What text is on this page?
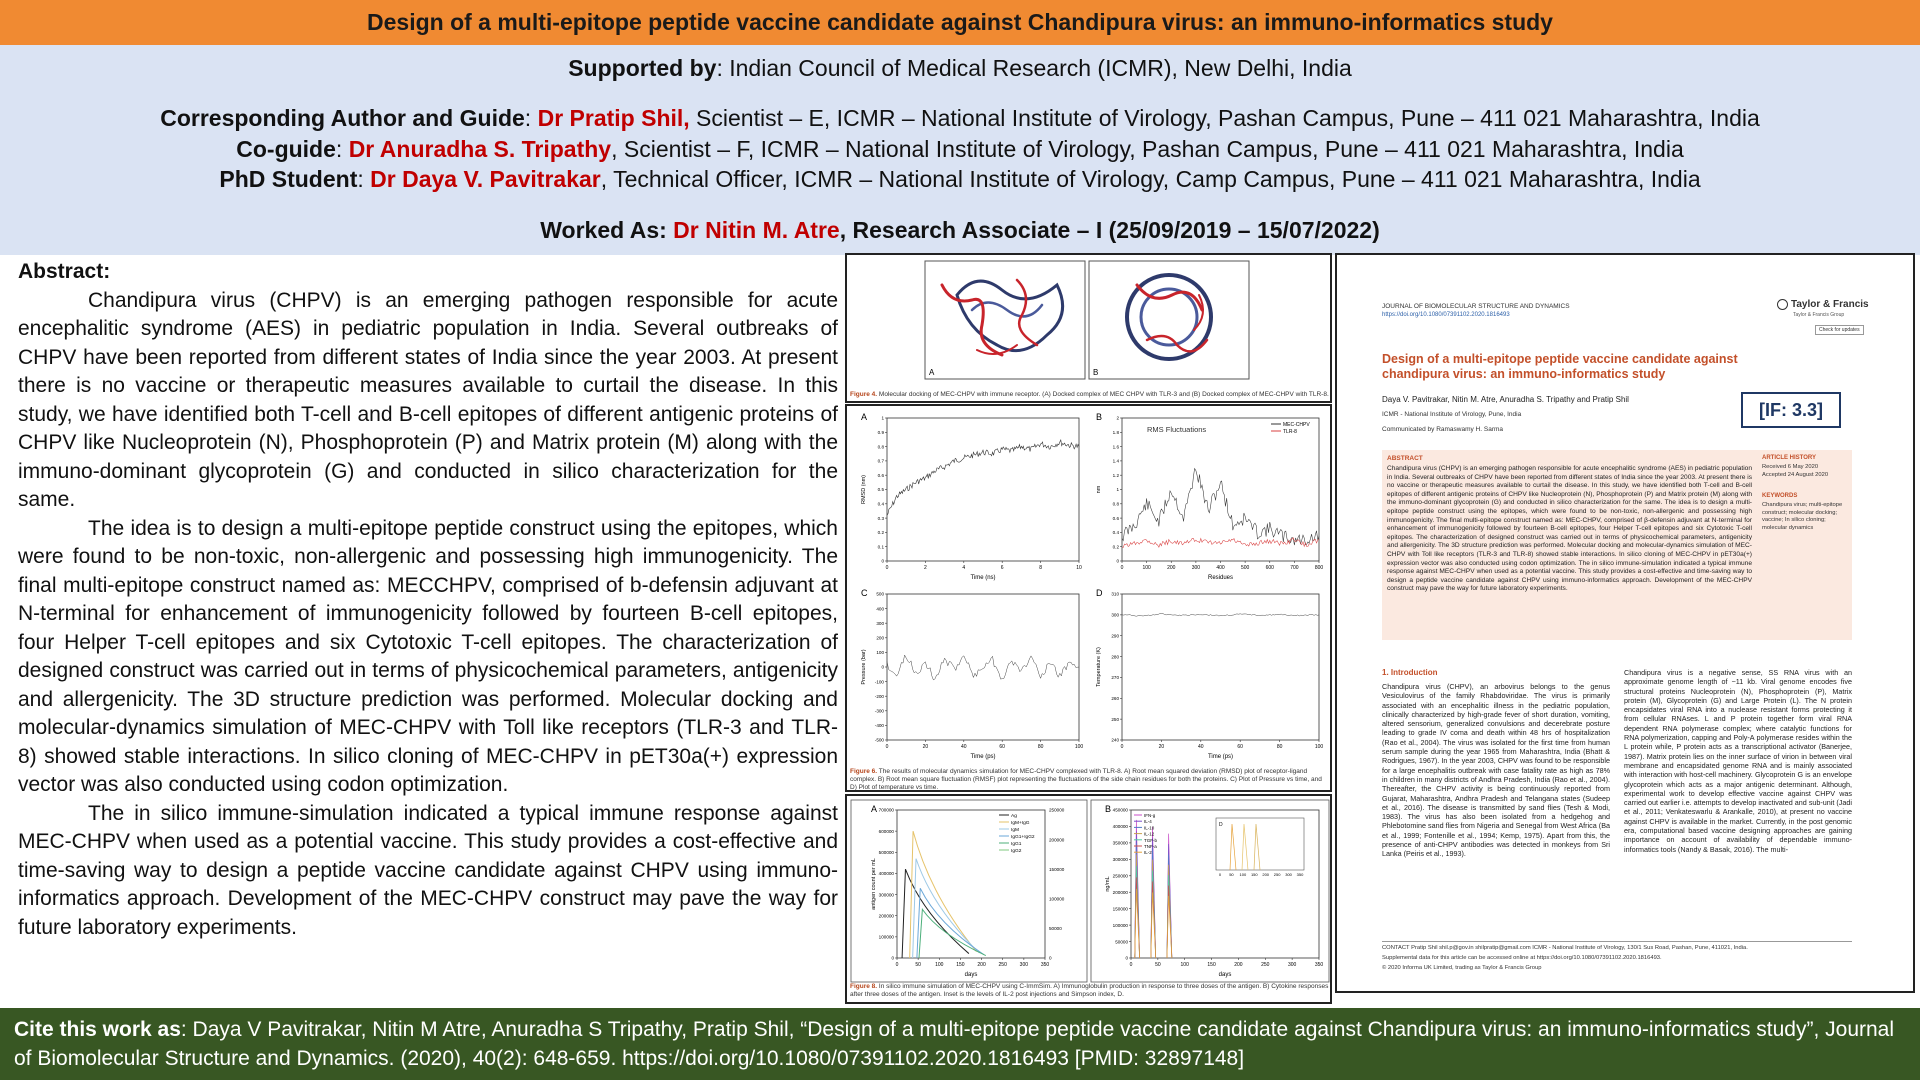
Design of a multi-epitope peptide vaccine candidate against Chandipura virus: an immuno-informatics study
Supported by: Indian Council of Medical Research (ICMR), New Delhi, India
Corresponding Author and Guide: Dr Pratip Shil, Scientist – E, ICMR – National Institute of Virology, Pashan Campus, Pune – 411 021 Maharashtra, India
Co-guide: Dr Anuradha S. Tripathy, Scientist – F, ICMR – National Institute of Virology, Pashan Campus, Pune – 411 021 Maharashtra, India
PhD Student: Dr Daya V. Pavitrakar, Technical Officer, ICMR – National Institute of Virology, Camp Campus, Pune – 411 021 Maharashtra, India
Worked As: Dr Nitin M. Atre, Research Associate – I (25/09/2019 – 15/07/2022)
Abstract:

Chandipura virus (CHPV) is an emerging pathogen responsible for acute encephalitic syndrome (AES) in pediatric population in India. Several outbreaks of CHPV have been reported from different states of India since the year 2003. At present there is no vaccine or therapeutic measures available to curtail the disease. In this study, we have identified both T-cell and B-cell epitopes of different antigenic proteins of CHPV like Nucleoprotein (N), Phosphoprotein (P) and Matrix protein (M) along with the immuno-dominant glycoprotein (G) and conducted in silico characterization for the same.

The idea is to design a multi-epitope peptide construct using the epitopes, which were found to be non-toxic, non-allergenic and possessing high immunogenicity. The final multi-epitope construct named as: MECCHPV, comprised of b-defensin adjuvant at N-terminal for enhancement of immunogenicity followed by fourteen B-cell epitopes, four Helper T-cell epitopes and six Cytotoxic T-cell epitopes. The characterization of designed construct was carried out in terms of physicochemical parameters, antigenicity and allergenicity. The 3D structure prediction was performed. Molecular docking and molecular-dynamics simulation of MEC-CHPV with Toll like receptors (TLR-3 and TLR-8) showed stable interactions. In silico cloning of MEC-CHPV in pET30a(+) expression vector was also conducted using codon optimization.

The in silico immune-simulation indicated a typical immune response against MEC-CHPV when used as a potential vaccine. This study provides a cost-effective and time-saving way to design a peptide vaccine candidate against CHPV using immuno-informatics approach. Development of the MEC-CHPV construct may pave the way for future laboratory experiments.

A	B
Figure 4. Molecular docking of MEC-CHPV with immune receptor. (A) Docked complex of MEC CHPV with TLR-3 and (B) Docked complex of MEC-CHPV with TLR-8.
A
0	2	4	6	8	10
0
0.1
0.2
0.3
0.4
0.5
0.6
0.7
0.8
0.9
1
Time (ns)
RMSD (nm)
B
0	100	200	300	400	500	600	700	800
0
0.2
0.4
0.6
0.8
1
1.2
1.4
1.6
1.8
2
Residues
nm
RMS Fluctuations	MEC-CHPV
TLR-8
C
0	20	40	60	80	100
-500
-400
-300
-200
-100
0
100
200
300
400
500
Time (ps)
Pressure (bar)
D
0	20	40	60	80	100
240
250
260
270
280
290
300
310
Time (ps)
Temperature (K)
Figure 6. The results of molecular dynamics simulation for MEC-CHPV complexed with TLR-8. A) Root mean squared deviation (RMSD) plot of receptor-ligand complex. B) Root mean square fluctuation (RMSF) plot representing the fluctuations of the side chain residues for both the proteins. C) Plot of Pressure vs time, and D) Plot of temperature vs time.
A
0	50	100	150	200	250	300	350
0
100000
200000
300000
400000
500000
600000
700000
days
antigen count per mL
0
50000
100000
150000
200000
250000
Ag
IgM+IgG
IgM
IgG1+IgG2
IgG1
IgG2
B
0	50	100	150	200	250	300	350
0
50000
100000
150000
200000
250000
300000
350000
400000
450000
days
ng/mL
IFN-g
IL-4
IL-10
IL-12
TGF-b
TNF-a
IL-2
D
0 50 100 150 200 250 300 350
Figure 8. In silico immune simulation of MEC-CHPV using C-ImmSim. A) Immunoglobulin production in response to three doses of the antigen. B) Cytokine responses after three doses of the antigen. Inset is the levels of IL-2 post injections and Simpson index, D.
JOURNAL OF BIOMOLECULAR STRUCTURE AND DYNAMICS
https://doi.org/10.1080/07391102.2020.1816493
Taylor & Francis
Taylor & Francis Group
Check for updates
Design of a multi-epitope peptide vaccine candidate against chandipura virus: an immuno-informatics study
Daya V. Pavitrakar, Nitin M. Atre, Anuradha S. Tripathy and Pratip Shil
ICMR - National Institute of Virology, Pune, India
Communicated by Ramaswamy H. Sarma
[IF: 3.3]
ABSTRACT
Chandipura virus (CHPV) is an emerging pathogen responsible for acute encephalitic syndrome (AES) in pediatric population in India. Several outbreaks of CHPV have been reported from different states of India since the year 2003. At present there is no vaccine or therapeutic measures available to curtail the disease. In this study, we have identified both T-cell and B-cell epitopes of different antigenic proteins of CHPV like Nucleoprotein (N), Phosphoprotein (P) and Matrix protein (M) along with the immuno-dominant glycoprotein (G) and conducted in silico characterization for the same. The idea is to design a multi-epitope peptide construct using the epitopes, which were found to be non-toxic, non-allergenic and possessing high immunogenicity. The final multi-epitope construct named as: MEC-CHPV, comprised of β-defensin adjuvant at N-terminal for enhancement of immunogenicity followed by fourteen B-cell epitopes, four Helper T-cell epitopes and six Cytotoxic T-cell epitopes. The characterization of designed construct was carried out in terms of physicochemical parameters, antigenicity and allergenicity. The 3D structure prediction was performed. Molecular docking and molecular-dynamics simulation of MEC-CHPV with Toll like receptors (TLR-3 and TLR-8) showed stable interactions. In silico cloning of MEC-CHPV in pET30a(+) expression vector was also conducted using codon optimization. The in silico immune-simulation indicated a typical immune response against MEC-CHPV when used as a potential vaccine. This study provides a cost-effective and time-saving way to design a peptide vaccine candidate against CHPV using immuno-informatics approach. Development of the MEC-CHPV construct may pave the way for future laboratory experiments.
ARTICLE HISTORY
Received 6 May 2020
Accepted 24 August 2020
KEYWORDS
Chandipura virus; multi-epitope construct; molecular docking; vaccine; In silico cloning; molecular dynamics
1. Introduction
Chandipura virus (CHPV), an arbovirus belongs to the genus Vesiculovirus of the family Rhabdoviridae. The virus is primarily associated with an encephalitic illness in the pediatric population, clinically characterized by high-grade fever of short duration, vomiting, altered sensorium, generalized convulsions and decerebrate posture leading to grade IV coma and death within 48 hrs of hospitalization (Rao et al., 2004). The virus was isolated for the first time from human serum sample during the year 1965 from Maharashtra, India (Bhatt & Rodrigues, 1967). In the year 2003, CHPV was found to be responsible for a large encephalitis outbreak with case fatality rate as high as 78% in children in many districts of Andhra Pradesh, India (Rao et al., 2004). Thereafter, the CHPV activity is being continuously reported from Gujarat, Maharashtra, Andhra Pradesh and Telangana states (Sudeep et al., 2016). The disease is transmitted by sand flies (Tesh & Modi, 1983). The virus has also been isolated from a hedgehog and Phlebotomine sand flies from Nigeria and Senegal from West Africa (Ba et al., 1999; Fontenille et al., 1994; Kemp, 1975). Apart from this, the presence of anti-CHPV antibodies was detected in monkeys from Sri Lanka (Peiris et al., 1993).
Chandipura virus is a negative sense, SS RNA virus with an approximate genome length of ~11 kb. Viral genome encodes five structural proteins Nucleoprotein (N), Phosphoprotein (P), Matrix protein (M), Glycoprotein (G) and Large Protein (L). The N protein encapsidates viral RNA into a nuclease resistant forms protecting it from cellular RNAses. L and P protein together form viral RNA dependent RNA polymerase complex; where catalytic functions for RNA polymerization, capping and Poly-A polymerase resides within the L protein while, P protein acts as a transcriptional activator (Banerjee, 1987). Matrix protein lies on the inner surface of virion in between viral membrane and encapsidated genome RNA and is mainly associated with interaction with host-cell machinery. Glycoprotein G is an envelope glycoprotein which acts as a major antigenic determinant. Although, experimental work to develop effective vaccine against CHPV was carried out earlier i.e. attempts to develop inactivated and sub-unit (Jadi et al., 2011; Venkateswarlu & Arankalle, 2010), at present no vaccine against CHPV is available in the market. Currently, in the post genomic era, computational based vaccine designing approaches are gaining importance on account of availability of dependable immuno-informatics tools (Nandy & Basak, 2016). The multi-
CONTACT Pratip Shil shil.p@gov.in shilpratip@gmail.com ICMR - National Institute of Virology, 130/1 Sus Road, Pashan, Pune, 411021, India.
Supplemental data for this article can be accessed online at https://doi.org/10.1080/07391102.2020.1816493.
© 2020 Informa UK Limited, trading as Taylor & Francis Group
Cite this work as: Daya V Pavitrakar, Nitin M Atre, Anuradha S Tripathy, Pratip Shil, “Design of a multi-epitope peptide vaccine candidate against Chandipura virus: an immuno-informatics study”, Journal of Biomolecular Structure and Dynamics. (2020), 40(2): 648-659. https://doi.org/10.1080/07391102.2020.1816493 [PMID: 32897148]
